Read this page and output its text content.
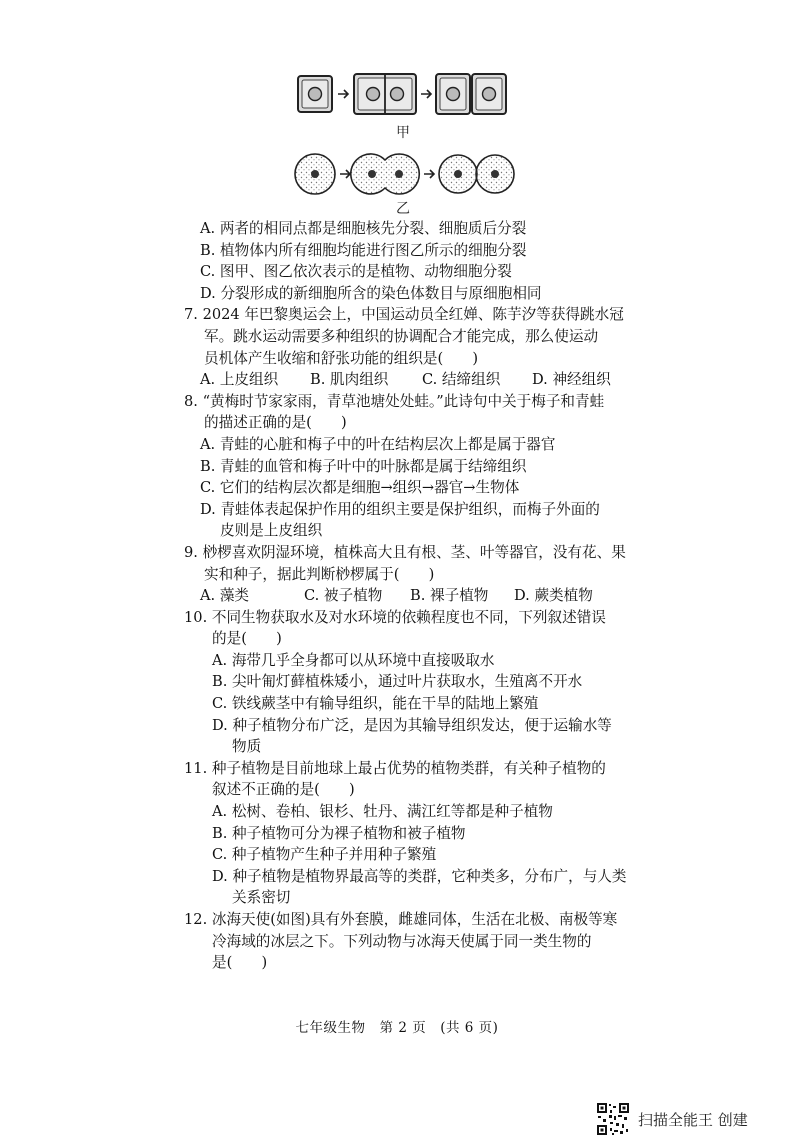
甲
乙
A. 两者的相同点都是细胞核先分裂、细胞质后分裂
B. 植物体内所有细胞均能进行图乙所示的细胞分裂
C. 图甲、图乙依次表示的是植物、动物细胞分裂
D. 分裂形成的新细胞所含的染色体数目与原细胞相同
7. 2024 年巴黎奥运会上，中国运动员全红婵、陈芋汐等获得跳水冠
军。跳水运动需要多种组织的协调配合才能完成，那么使运动
员机体产生收缩和舒张功能的组织是(　　)
A. 上皮组织	B. 肌肉组织	C. 结缔组织	D. 神经组织
8. “黄梅时节家家雨，青草池塘处处蛙。”此诗句中关于梅子和青蛙
的描述正确的是(　　)
A. 青蛙的心脏和梅子中的叶在结构层次上都是属于器官
B. 青蛙的血管和梅子叶中的叶脉都是属于结缔组织
C. 它们的结构层次都是细胞→组织→器官→生物体
D. 青蛙体表起保护作用的组织主要是保护组织，而梅子外面的
皮则是上皮组织
9. 桫椤喜欢阴湿环境，植株高大且有根、茎、叶等器官，没有花、果
实和种子，据此判断桫椤属于(　　)
A. 藻类	C. 被子植物	B. 裸子植物	D. 蕨类植物
10. 不同生物获取水及对水环境的依赖程度也不同，下列叙述错误
的是(　　)
A. 海带几乎全身都可以从环境中直接吸取水
B. 尖叶匍灯藓植株矮小，通过叶片获取水，生殖离不开水
C. 铁线蕨茎中有输导组织，能在干旱的陆地上繁殖
D. 种子植物分布广泛，是因为其输导组织发达，便于运输水等
物质
11. 种子植物是目前地球上最占优势的植物类群，有关种子植物的
叙述不正确的是(　　)
A. 松树、卷柏、银杉、牡丹、满江红等都是种子植物
B. 种子植物可分为裸子植物和被子植物
C. 种子植物产生种子并用种子繁殖
D. 种子植物是植物界最高等的类群，它种类多，分布广，与人类
关系密切
12. 冰海天使(如图)具有外套膜，雌雄同体，生活在北极、南极等寒
冷海域的冰层之下。下列动物与冰海天使属于同一类生物的
是(　　)
七年级生物　第 2 页　(共 6 页)
扫描全能王 创建
